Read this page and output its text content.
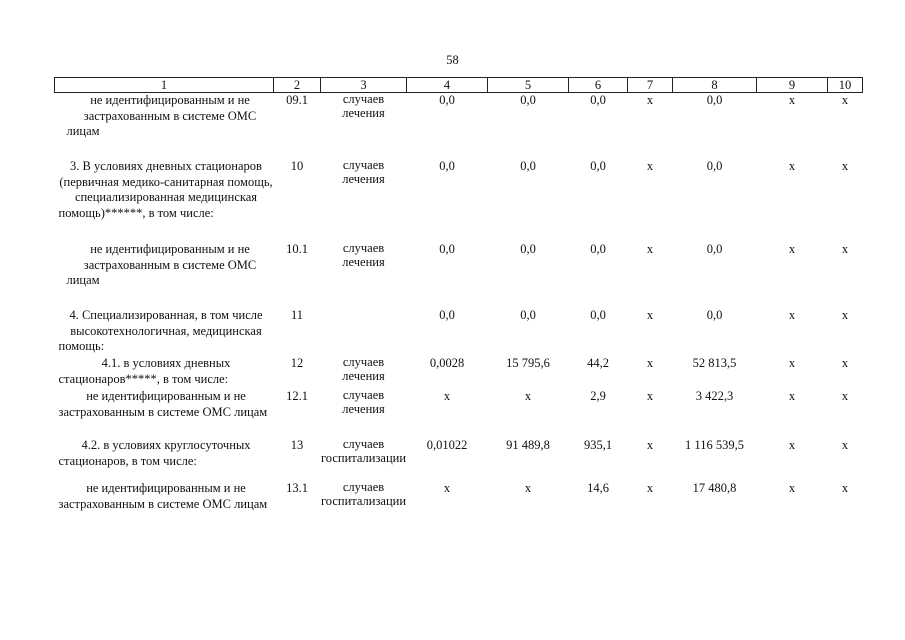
58
1	2	3	4	5	6	7	8	9	10

не идентифицированным и не застрахованным в системе ОМС лицам	09.1	случаев лечения	0,0	0,0	0,0	х	0,0	х	х

3. В условиях дневных стационаров (первичная медико-санитарная помощь, специализированная медицинская помощь)******, в том числе:	10	случаев лечения	0,0	0,0	0,0	х	0,0	х	х

не идентифицированным и не застрахованным в системе ОМС лицам	10.1	случаев лечения	0,0	0,0	0,0	х	0,0	х	х

4. Специализированная, в том числе высокотехнологичная, медицинская помощь:	11		0,0	0,0	0,0	х	0,0	х	х

4.1. в условиях дневных стационаров*****, в том числе:	12	случаев лечения	0,0028	15 795,6	44,2	х	52 813,5	х	х

не идентифицированным и не застрахованным в системе ОМС лицам	12.1	случаев лечения	х	х	2,9	х	3 422,3	х	х

4.2. в условиях круглосуточных стационаров, в том числе:	13	случаев госпитализации	0,01022	91 489,8	935,1	х	1 116 539,5	х	х

не идентифицированным и не застрахованным в системе ОМС лицам	13.1	случаев госпитализации	х	х	14,6	х	17 480,8	х	х
